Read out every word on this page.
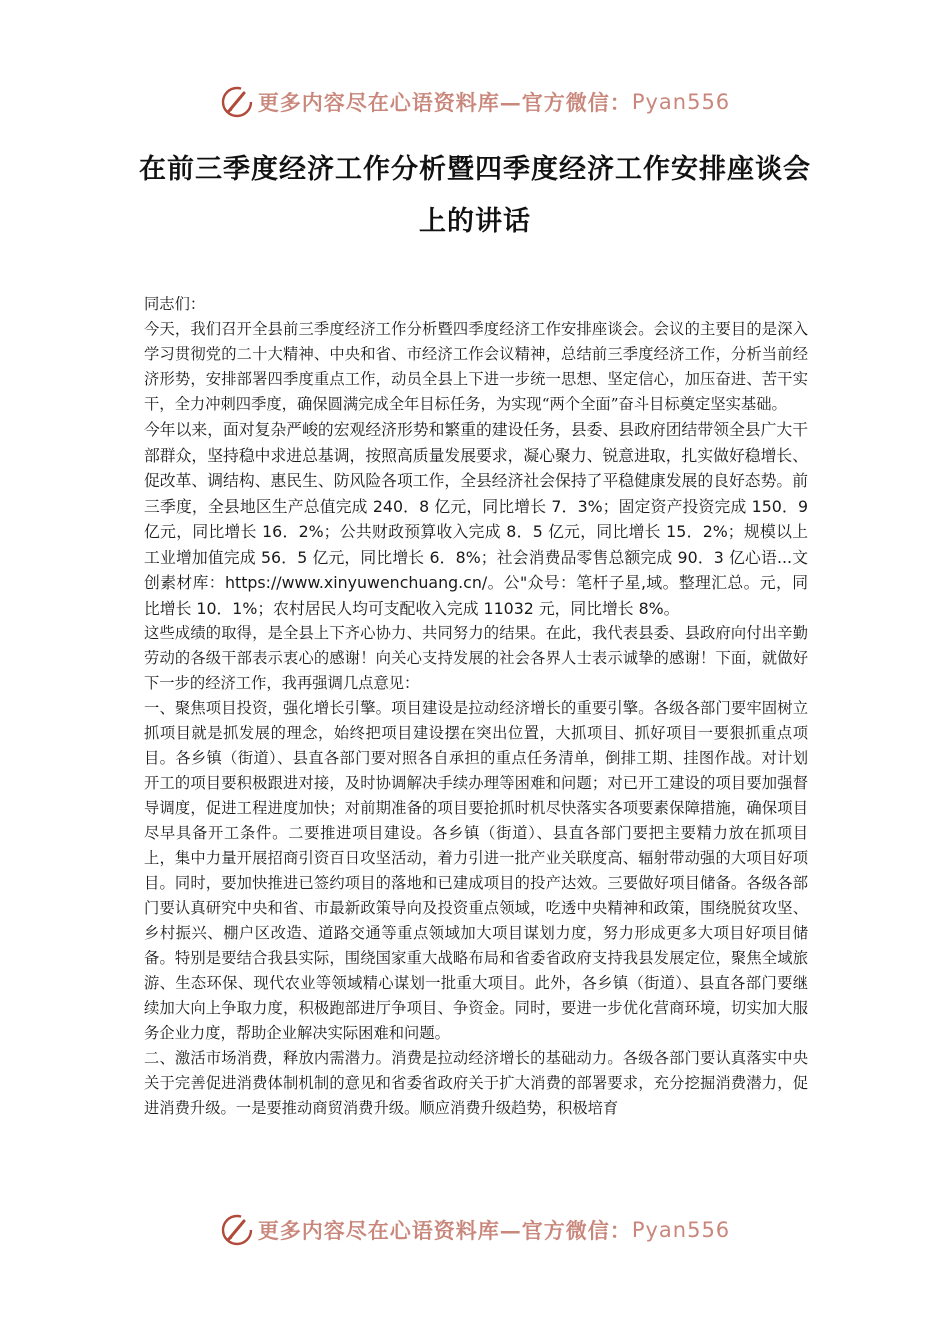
更多内容尽在心语资料库—官方微信： Pyan556
在前三季度经济工作分析暨四季度经济工作安排座谈会上的讲话

同志们：

今天，我们召开全县前三季度经济工作分析暨四季度经济工作安排座谈会。会议的主要目的是深入学习贯彻党的二十大精神、中央和省、市经济工作会议精神，总结前三季度经济工作，分析当前经济形势，安排部署四季度重点工作，动员全县上下进一步统一思想、坚定信心，加压奋进、苦干实干，全力冲刺四季度，确保圆满完成全年目标任务，为实现“两个全面”奋斗目标奠定坚实基础。

今年以来，面对复杂严峻的宏观经济形势和繁重的建设任务，县委、县政府团结带领全县广大干部群众，坚持稳中求进总基调，按照高质量发展要求，凝心聚力、锐意进取，扎实做好稳增长、促改革、调结构、惠民生、防风险各项工作，全县经济社会保持了平稳健康发展的良好态势。前三季度，全县地区生产总值完成 240．8 亿元，同比增长 7．3%；固定资产投资完成 150．9 亿元，同比增长 16．2%；公共财政预算收入完成 8．5 亿元，同比增长 15．2%；规模以上工业增加值完成 56．5 亿元，同比增长 6．8%；社会消费品零售总额完成 90．3 亿心语...文创素材库：https://www.xinyuwenchuang.cn/。公"众号：笔杆子星,域。整理汇总。元，同比增长 10．1%；农村居民人均可支配收入完成 11032 元，同比增长 8%。

这些成绩的取得，是全县上下齐心协力、共同努力的结果。在此，我代表县委、县政府向付出辛勤劳动的各级干部表示衷心的感谢！向关心支持发展的社会各界人士表示诚挚的感谢！下面，就做好下一步的经济工作，我再强调几点意见：

一、聚焦项目投资，强化增长引擎。项目建设是拉动经济增长的重要引擎。各级各部门要牢固树立抓项目就是抓发展的理念，始终把项目建设摆在突出位置，大抓项目、抓好项目一要狠抓重点项目。各乡镇（街道）、县直各部门要对照各自承担的重点任务清单，倒排工期、挂图作战。对计划开工的项目要积极跟进对接，及时协调解决手续办理等困难和问题；对已开工建设的项目要加强督导调度，促进工程进度加快；对前期准备的项目要抢抓时机尽快落实各项要素保障措施，确保项目尽早具备开工条件。二要推进项目建设。各乡镇（街道）、县直各部门要把主要精力放在抓项目上，集中力量开展招商引资百日攻坚活动，着力引进一批产业关联度高、辐射带动强的大项目好项目。同时，要加快推进已签约项目的落地和已建成项目的投产达效。三要做好项目储备。各级各部门要认真研究中央和省、市最新政策导向及投资重点领域，吃透中央精神和政策，围绕脱贫攻坚、乡村振兴、棚户区改造、道路交通等重点领域加大项目谋划力度，努力形成更多大项目好项目储备。特别是要结合我县实际，围绕国家重大战略布局和省委省政府支持我县发展定位，聚焦全域旅游、生态环保、现代农业等领域精心谋划一批重大项目。此外，各乡镇（街道）、县直各部门要继续加大向上争取力度，积极跑部进厅争项目、争资金。同时，要进一步优化营商环境，切实加大服务企业力度，帮助企业解决实际困难和问题。

二、激活市场消费，释放内需潜力。消费是拉动经济增长的基础动力。各级各部门要认真落实中央关于完善促进消费体制机制的意见和省委省政府关于扩大消费的部署要求，充分挖掘消费潜力，促进消费升级。一是要推动商贸消费升级。顺应消费升级趋势，积极培育

更多内容尽在心语资料库—官方微信： Pyan556
